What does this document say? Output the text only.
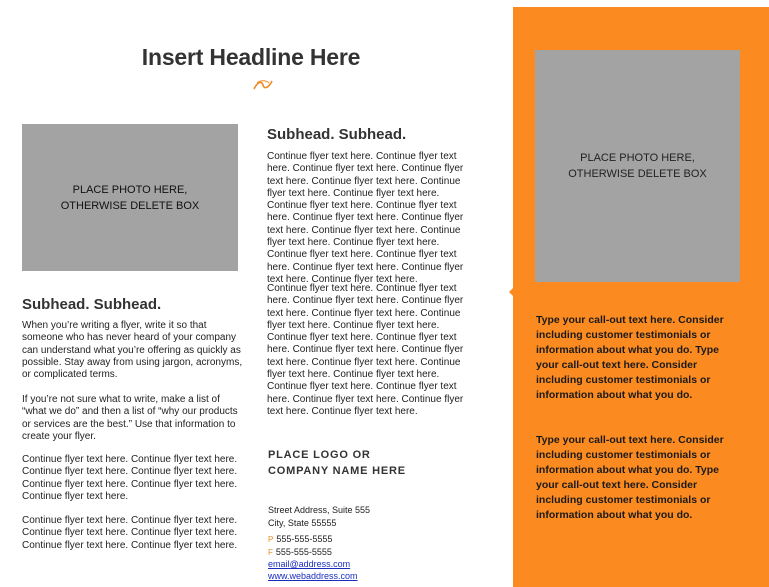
Insert Headline Here
PLACE PHOTO HERE,
OTHERWISE DELETE BOX
Subhead. Subhead.
When you’re writing a flyer, write it so that someone who has never heard of your company can understand what you’re offering as quickly as possible. Stay away from using jargon, acronyms, or complicated terms.
If you’re not sure what to write, make a list of “what we do” and then a list of “why our products or services are the best.” Use that information to create your flyer.
Continue flyer text here. Continue flyer text here. Continue flyer text here. Continue flyer text here. Continue flyer text here. Continue flyer text here. Continue flyer text here.
Continue flyer text here. Continue flyer text here. Continue flyer text here. Continue flyer text here. Continue flyer text here. Continue flyer text here.
Subhead. Subhead.
Continue flyer text here. Continue flyer text here. Continue flyer text here. Continue flyer text here. Continue flyer text here. Continue flyer text here. Continue flyer text here. Continue flyer text here. Continue flyer text here. Continue flyer text here. Continue flyer text here. Continue flyer text here. Continue flyer text here. Continue flyer text here. Continue flyer text here. Continue flyer text here. Continue flyer text here. Continue flyer text here. Continue flyer text here.
Continue flyer text here. Continue flyer text here. Continue flyer text here. Continue flyer text here. Continue flyer text here. Continue flyer text here. Continue flyer text here. Continue flyer text here. Continue flyer text here. Continue flyer text here. Continue flyer text here. Continue flyer text here. Continue flyer text here. Continue flyer text here. Continue flyer text here. Continue flyer text here. Continue flyer text here. Continue flyer text here. Continue flyer text here.
PLACE LOGO OR
COMPANY NAME HERE
Street Address, Suite 555
City, State 55555
P 555-555-5555
F 555-555-5555
email@address.com
www.webaddress.com
PLACE PHOTO HERE,
OTHERWISE DELETE BOX
Type your call-out text here. Consider including customer testimonials or information about what you do. Type your call-out text here. Consider including customer testimonials or information about what you do.
Type your call-out text here. Consider including customer testimonials or information about what you do. Type your call-out text here. Consider including customer testimonials or information about what you do.
